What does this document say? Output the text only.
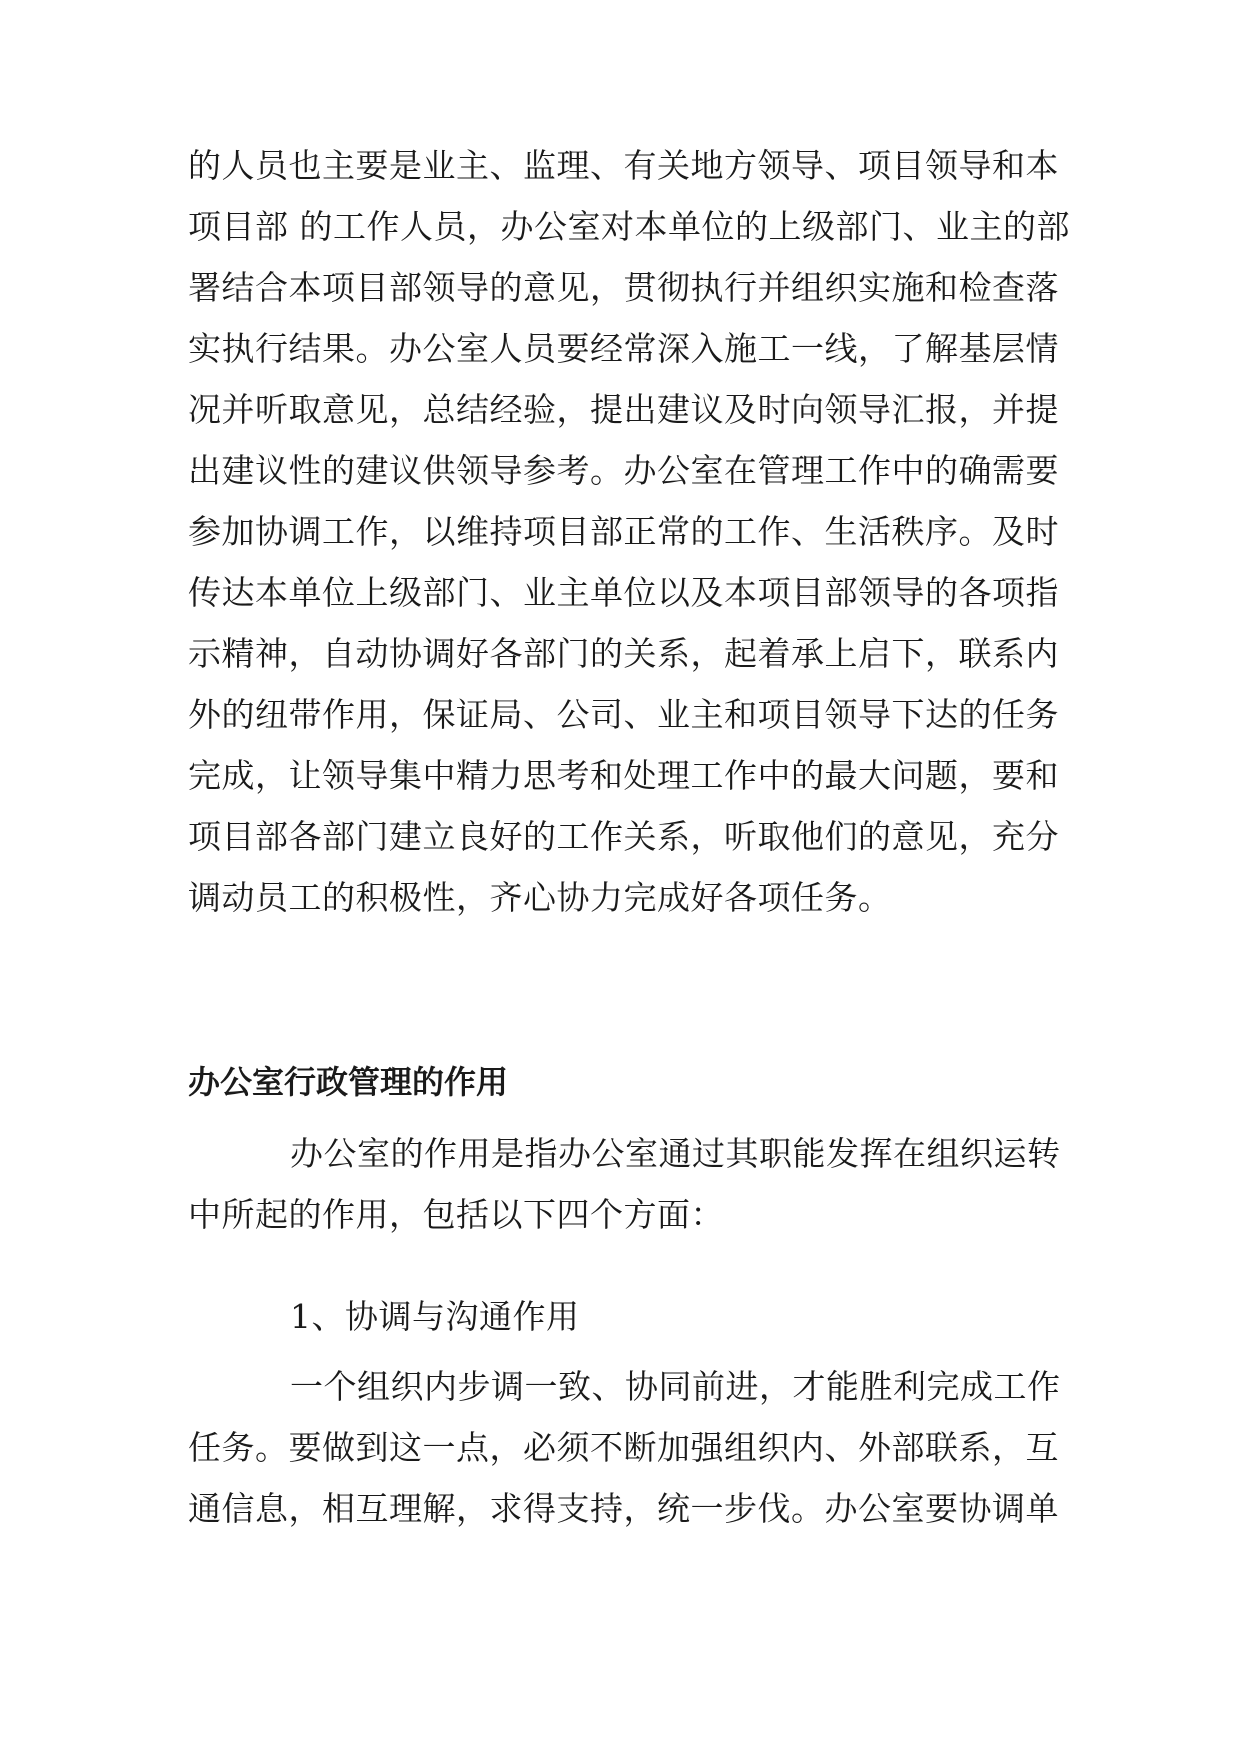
的人员也主要是业主、监理、有关地方领导、项目领导和本
项目部 的工作人员，办公室对本单位的上级部门、业主的部
署结合本项目部领导的意见，贯彻执行并组织实施和检查落
实执行结果。办公室人员要经常深入施工一线，了解基层情
况并听取意见，总结经验，提出建议及时向领导汇报，并提
出建议性的建议供领导参考。办公室在管理工作中的确需要
参加协调工作，以维持项目部正常的工作、生活秩序。及时
传达本单位上级部门、业主单位以及本项目部领导的各项指
示精神，自动协调好各部门的关系，起着承上启下，联系内
外的纽带作用，保证局、公司、业主和项目领导下达的任务
完成，让领导集中精力思考和处理工作中的最大问题，要和
项目部各部门建立良好的工作关系，听取他们的意见，充分
调动员工的积极性，齐心协力完成好各项任务。
办公室行政管理的作用
办公室的作用是指办公室通过其职能发挥在组织运转
中所起的作用，包括以下四个方面：
1、协调与沟通作用
一个组织内步调一致、协同前进，才能胜利完成工作
任务。要做到这一点，必须不断加强组织内、外部联系，互
通信息，相互理解，求得支持，统一步伐。办公室要协调单
